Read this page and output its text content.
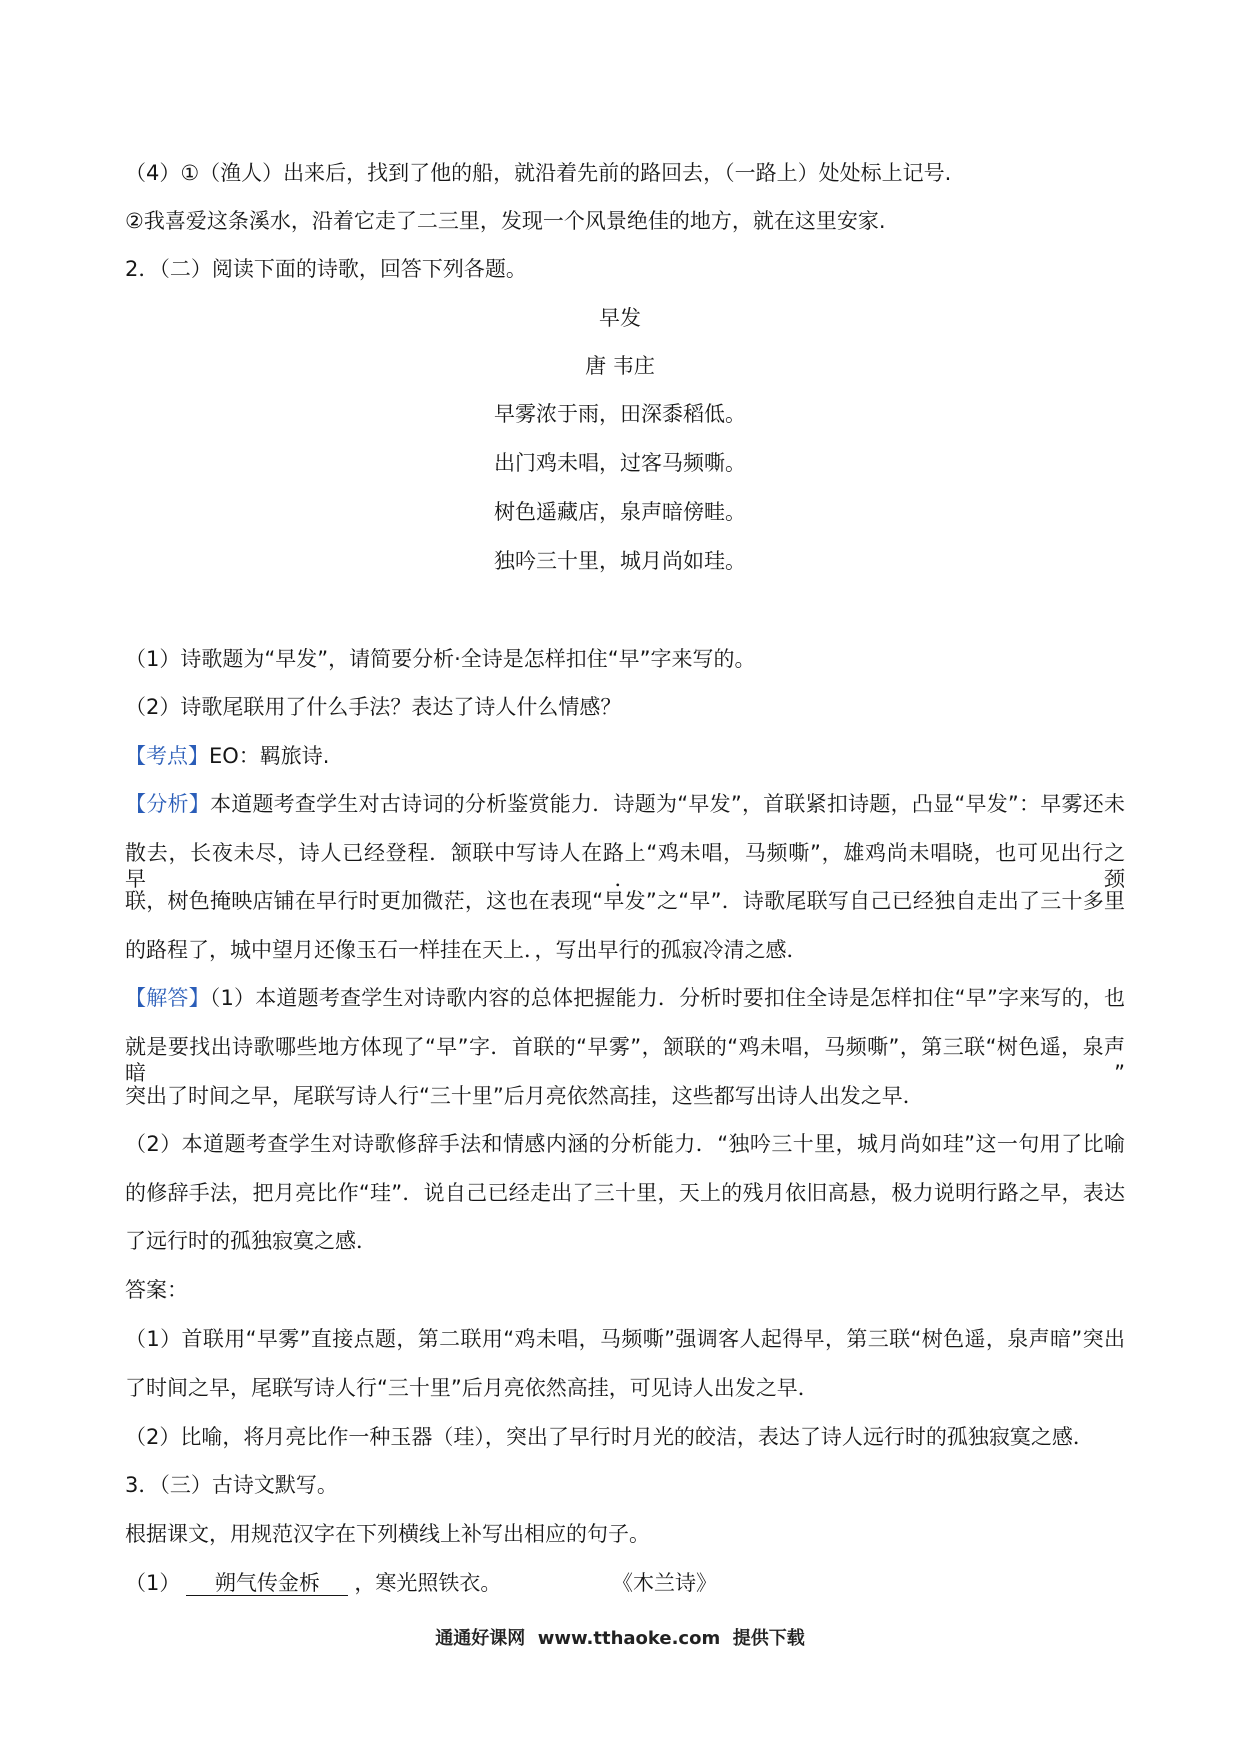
（4）①（渔人）出来后，找到了他的船，就沿着先前的路回去，（一路上）处处标上记号.
②我喜爱这条溪水，沿着它走了二三里，发现一个风景绝佳的地方，就在这里安家.
2．（二）阅读下面的诗歌，回答下列各题。
早发
唐 韦庄
早雾浓于雨，田深黍稻低。
出门鸡未唱，过客马频嘶。
树色遥藏店，泉声暗傍畦。
独吟三十里，城月尚如珪。
（1）诗歌题为“早发”，请简要分析·全诗是怎样扣住“早”字来写的。
（2）诗歌尾联用了什么手法？表达了诗人什么情感？
【考点】EO：羁旅诗.
【分析】本道题考查学生对古诗词的分析鉴赏能力．诗题为“早发”，首联紧扣诗题，凸显“早发”：早雾还未
散去，长夜未尽，诗人已经登程．颔联中写诗人在路上“鸡未唱，马频嘶”，雄鸡尚未唱晓，也可见出行之早．颈
联，树色掩映店铺在早行时更加微茫，这也在表现“早发”之“早”．诗歌尾联写自己已经独自走出了三十多里
的路程了，城中望月还像玉石一样挂在天上．，写出早行的孤寂冷清之感．
【解答】（1）本道题考查学生对诗歌内容的总体把握能力．分析时要扣住全诗是怎样扣住“早”字来写的，也
就是要找出诗歌哪些地方体现了“早”字．首联的“早雾”，颔联的“鸡未唱，马频嘶”，第三联“树色遥，泉声暗”
突出了时间之早，尾联写诗人行“三十里”后月亮依然高挂，这些都写出诗人出发之早．
（2）本道题考查学生对诗歌修辞手法和情感内涵的分析能力．“独吟三十里，城月尚如珪”这一句用了比喻
的修辞手法，把月亮比作“珪”．说自己已经走出了三十里，天上的残月依旧高悬，极力说明行路之早，表达
了远行时的孤独寂寞之感．
答案：
（1）首联用“早雾”直接点题，第二联用“鸡未唱，马频嘶”强调客人起得早，第三联“树色遥，泉声暗”突出
了时间之早，尾联写诗人行“三十里”后月亮依然高挂，可见诗人出发之早．
（2）比喻，将月亮比作一种玉器（珪），突出了早行时月光的皎洁，表达了诗人远行时的孤独寂寞之感．
3．（三）古诗文默写。
根据课文，用规范汉字在下列横线上补写出相应的句子。
（1） 朔气传金柝 ，寒光照铁衣。	《木兰诗》
通通好课网  www.tthaoke.com  提供下载
